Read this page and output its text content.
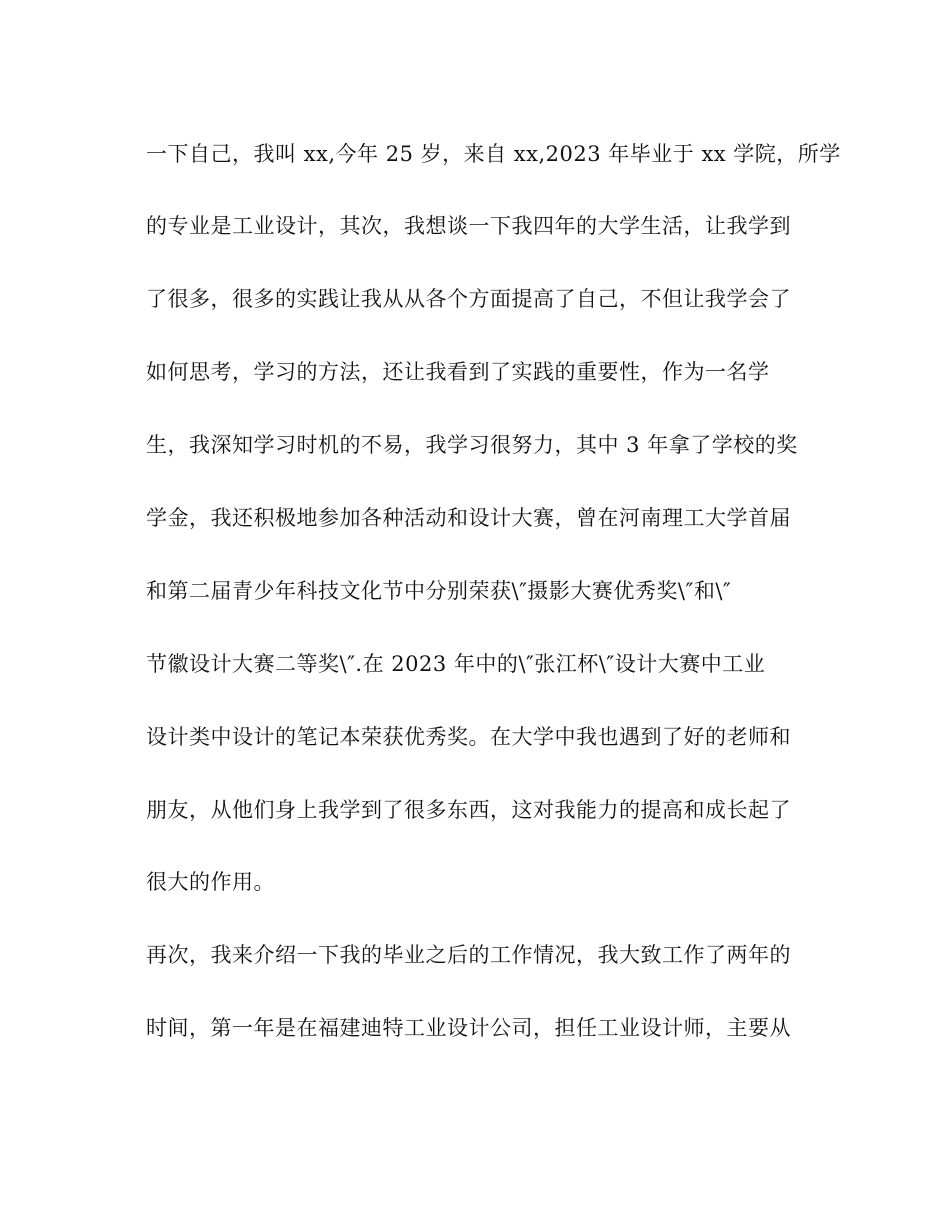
一下自己，我叫 xx,今年 25 岁，来自 xx,2023 年毕业于 xx 学院，所学
的专业是工业设计，其次，我想谈一下我四年的大学生活，让我学到
了很多，很多的实践让我从从各个方面提高了自己，不但让我学会了
如何思考，学习的方法，还让我看到了实践的重要性，作为一名学
生，我深知学习时机的不易，我学习很努力，其中 3 年拿了学校的奖
学金，我还积极地参加各种活动和设计大赛，曾在河南理工大学首届
和第二届青少年科技文化节中分别荣获\″摄影大赛优秀奖\″和\″
节徽设计大赛二等奖\″.在 2023 年中的\″张江杯\″设计大赛中工业
设计类中设计的笔记本荣获优秀奖。在大学中我也遇到了好的老师和
朋友，从他们身上我学到了很多东西，这对我能力的提高和成长起了
很大的作用。
再次，我来介绍一下我的毕业之后的工作情况，我大致工作了两年的
时间，第一年是在福建迪特工业设计公司，担任工业设计师，主要从
